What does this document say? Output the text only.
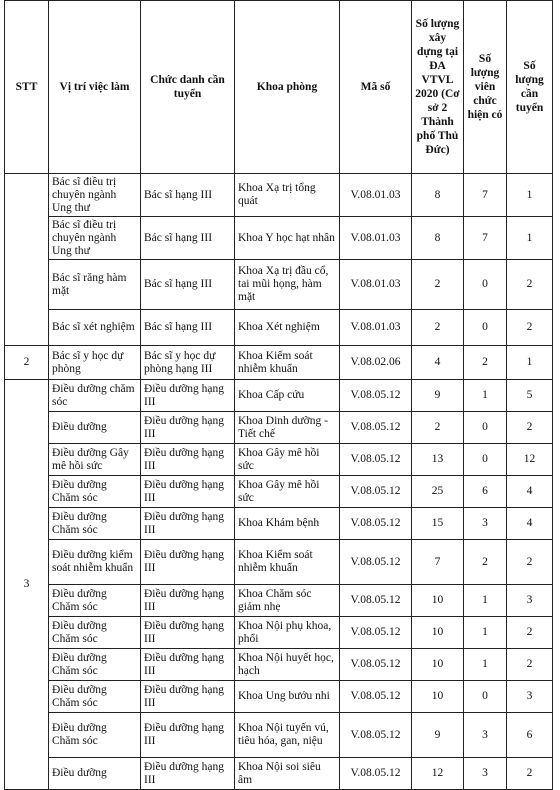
STT	Vị trí việc làm	Chức danh cần tuyển	Khoa phòng	Mã số	Số lượng xây dựng tại ĐA VTVL 2020 (Cơ sở 2 Thành phố Thủ Đức)	Số lượng viên chức hiện có	Số lượng cần tuyển
	Bác sĩ điều trị chuyên ngành Ung thư	Bác sĩ hạng III	Khoa Xạ trị tổng quát	V.08.01.03	8	7	1
	Bác sĩ điều trị chuyên ngành Ung thư	Bác sĩ hạng III	Khoa Y học hạt nhân	V.08.01.03	8	7	1
	Bác sĩ răng hàm mặt	Bác sĩ hạng III	Khoa Xạ trị đầu cổ, tai mũi họng, hàm mặt	V.08.01.03	2	0	2
	Bác sĩ xét nghiệm	Bác sĩ hạng III	Khoa Xét nghiệm	V.08.01.03	2	0	2
2	Bác sĩ y học dự phòng	Bác sĩ y học dự phòng hạng III	Khoa Kiểm soát nhiễm khuẩn	V.08.02.06	4	2	1
3	Điều dưỡng chăm sóc	Điều dưỡng hạng III	Khoa Cấp cứu	V.08.05.12	9	1	5
	Điều dưỡng	Điều dưỡng hạng III	Khoa Dinh dưỡng - Tiết chế	V.08.05.12	2	0	2
	Điều dưỡng Gây mê hồi sức	Điều dưỡng hạng III	Khoa Gây mê hồi sức	V.08.05.12	13	0	12
	Điều dưỡng Chăm sóc	Điều dưỡng hạng III	Khoa Gây mê hồi sức	V.08.05.12	25	6	4
	Điều dưỡng Chăm sóc	Điều dưỡng hạng III	Khoa Khám bệnh	V.08.05.12	15	3	4
	Điều dưỡng kiểm soát nhiễm khuẩn	Điều dưỡng hạng III	Khoa Kiểm soát nhiễm khuẩn	V.08.05.12	7	2	2
	Điều dưỡng Chăm sóc	Điều dưỡng hạng III	Khoa Chăm sóc giảm nhẹ	V.08.05.12	10	1	3
	Điều dưỡng Chăm sóc	Điều dưỡng hạng III	Khoa Nội phụ khoa, phổi	V.08.05.12	10	1	2
	Điều dưỡng Chăm sóc	Điều dưỡng hạng III	Khoa Nội huyết học, hạch	V.08.05.12	10	1	2
	Điều dưỡng Chăm sóc	Điều dưỡng hạng III	Khoa Ung bướu nhi	V.08.05.12	10	0	3
	Điều dưỡng Chăm sóc	Điều dưỡng hạng III	Khoa Nội tuyến vú, tiêu hóa, gan, niệu	V.08.05.12	9	3	6
	Điều dưỡng	Điều dưỡng hạng III	Khoa Nội soi siêu âm	V.08.05.12	12	3	2
